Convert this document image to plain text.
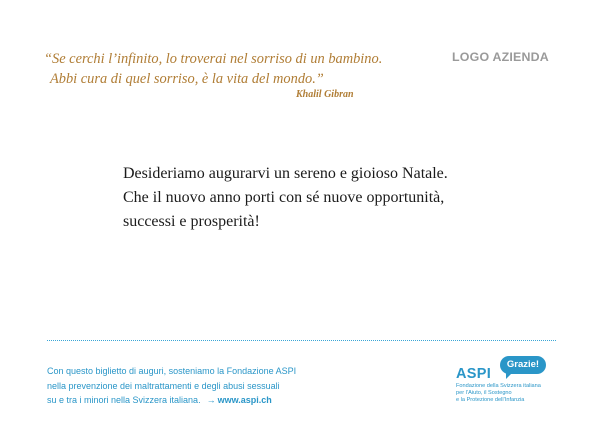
“Se cerchi l’infinito, lo troverai nel sorriso di un bambino.
Abbi cura di quel sorriso, è la vita del mondo.”
Khalil Gibran
LOGO AZIENDA
Desideriamo augurarvi un sereno e gioioso Natale.
Che il nuovo anno porti con sé nuove opportunità,
successi e prosperità!
Con questo biglietto di auguri, sosteniamo la Fondazione ASPI
nella prevenzione dei maltrattamenti e degli abusi sessuali
su e tra i minori nella Svizzera italiana. → www.aspi.ch
ASPI
Grazie!
Fondazione della Svizzera italiana
per l’Aiuto, il Sostegno
e la Protezione dell’Infanzia
